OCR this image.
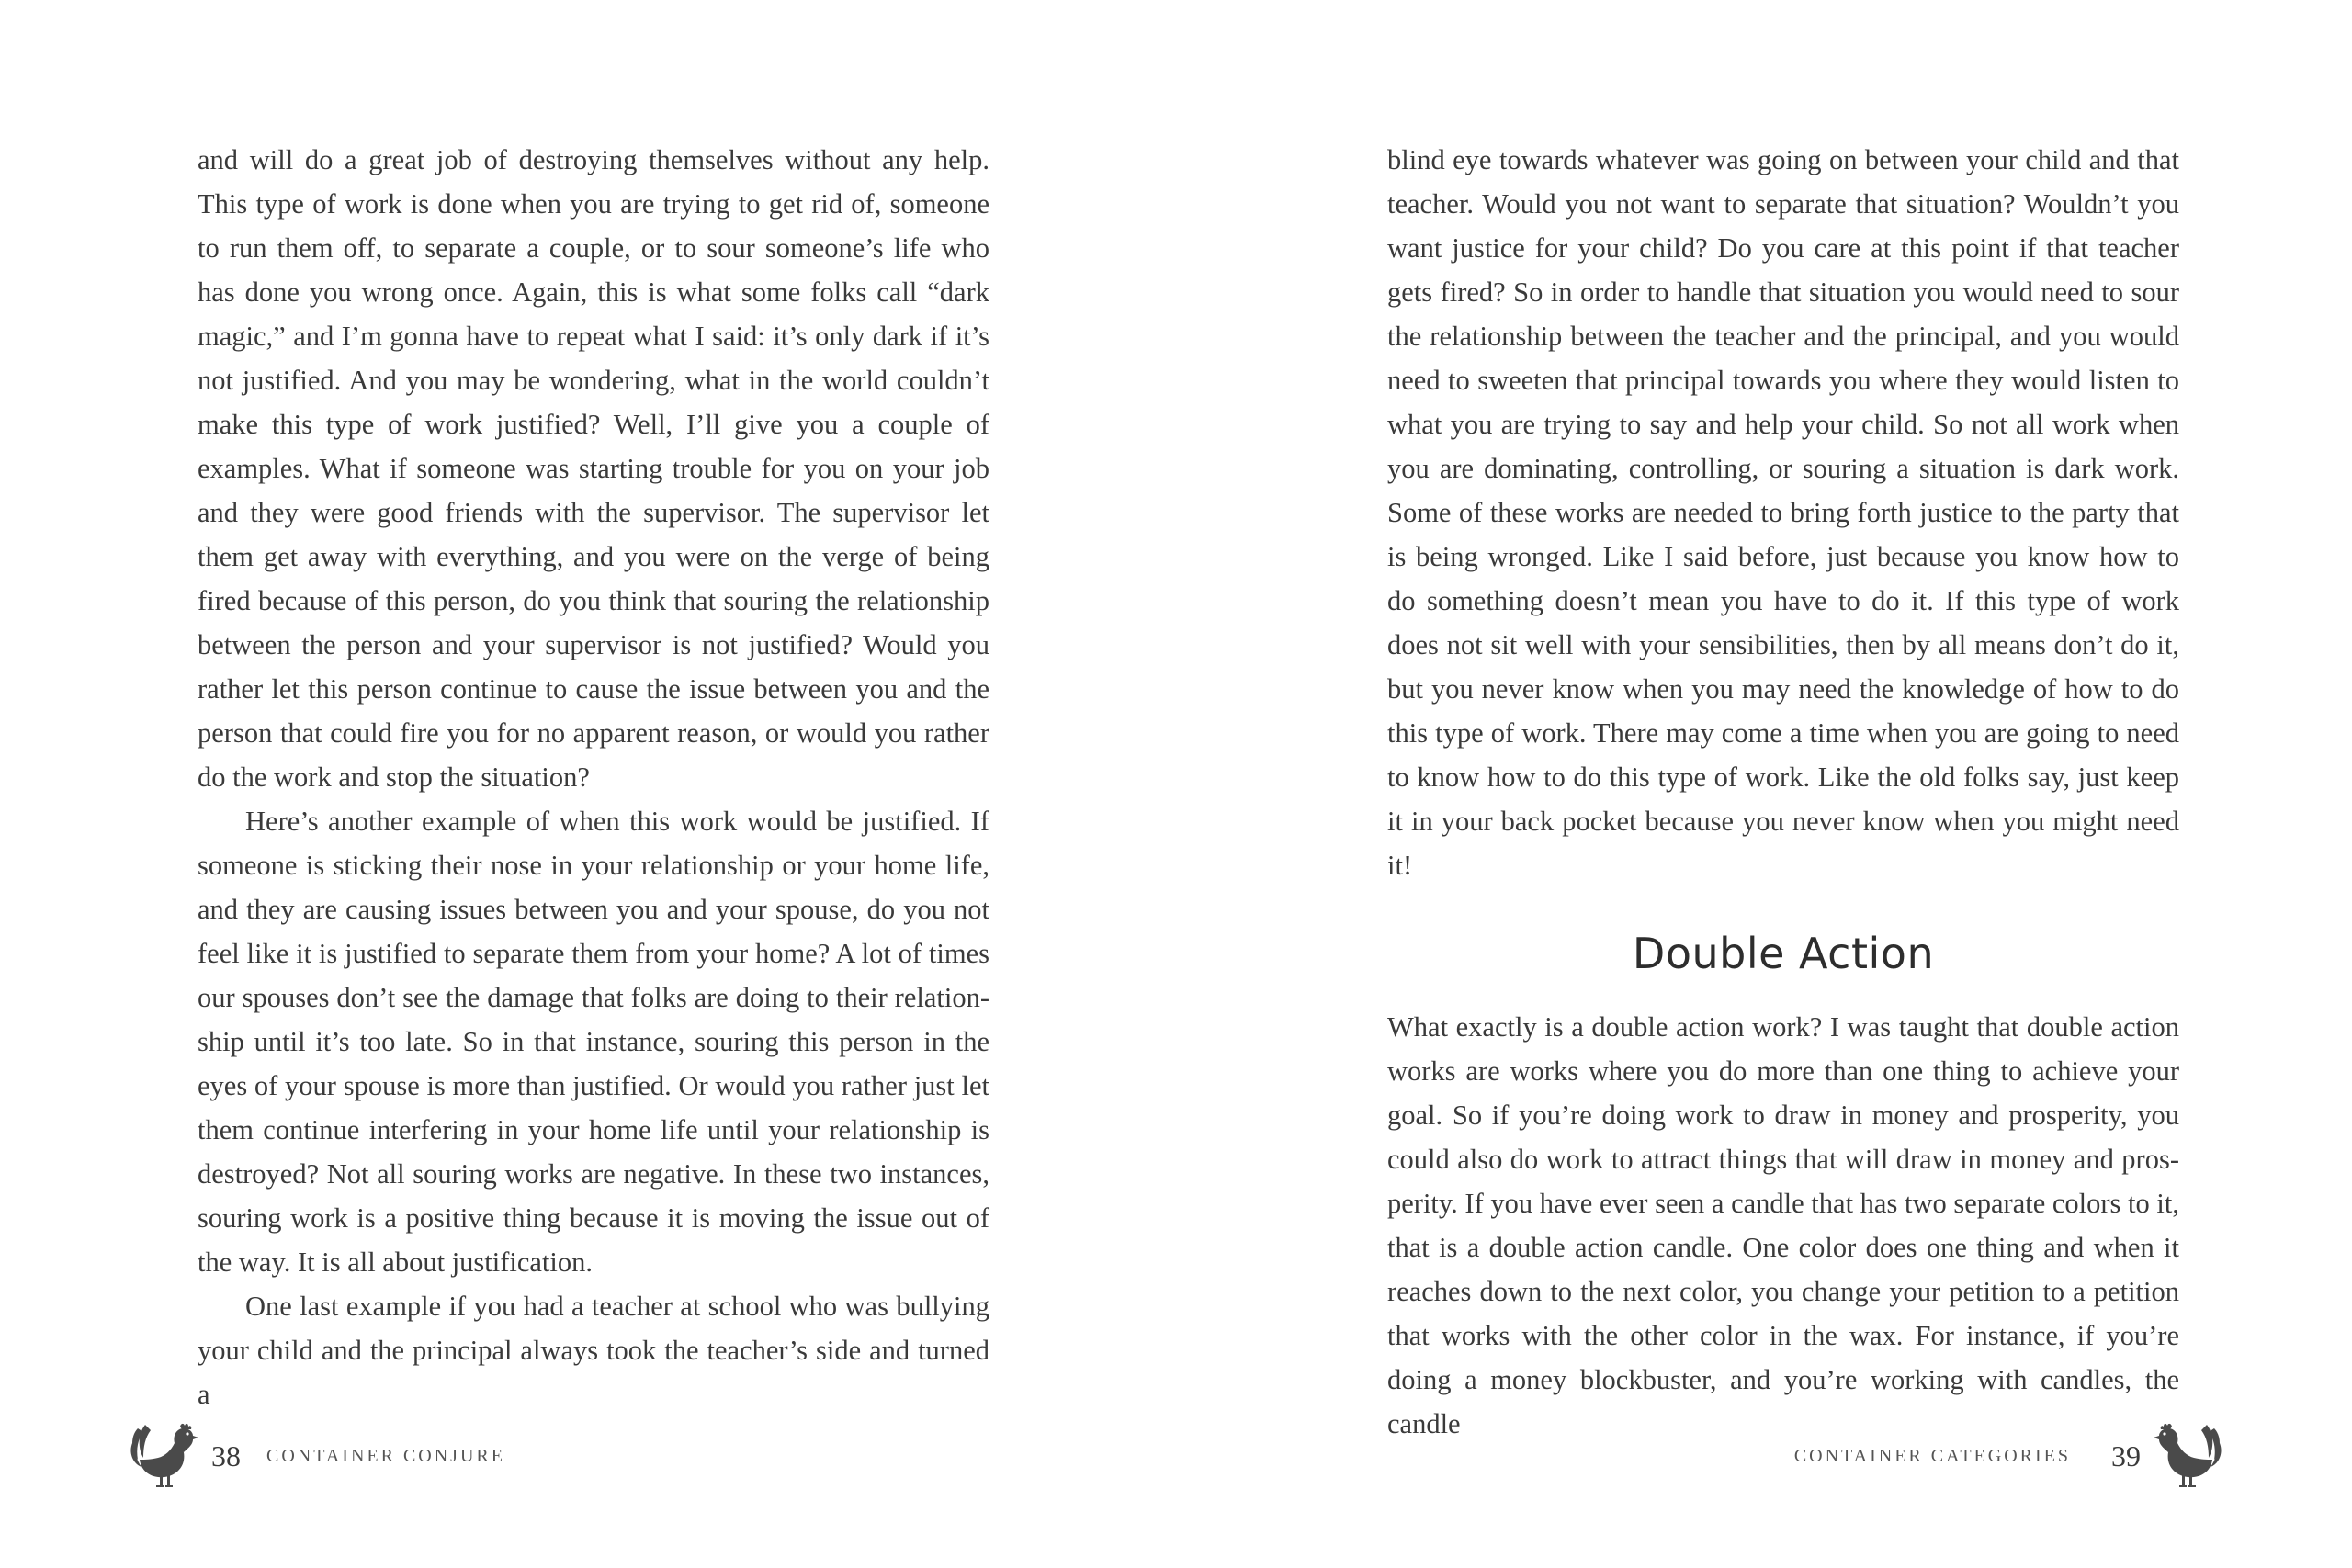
and will do a great job of destroying themselves without any help. This type of work is done when you are trying to get rid of, someone to run them off, to separate a couple, or to sour someone’s life who has done you wrong once. Again, this is what some folks call “dark magic,” and I’m gonna have to repeat what I said: it’s only dark if it’s not justified. And you may be wondering, what in the world couldn’t make this type of work justified? Well, I’ll give you a couple of examples. What if someone was starting trouble for you on your job and they were good friends with the supervisor. The supervisor let them get away with everything, and you were on the verge of being fired because of this person, do you think that souring the relationship between the person and your supervisor is not justified? Would you rather let this person continue to cause the issue between you and the person that could fire you for no apparent reason, or would you rather do the work and stop the situation?

Here’s another example of when this work would be justified. If someone is sticking their nose in your relationship or your home life, and they are causing issues between you and your spouse, do you not feel like it is justified to separate them from your home? A lot of times our spouses don’t see the damage that folks are doing to their relationship until it’s too late. So in that instance, souring this person in the eyes of your spouse is more than justified. Or would you rather just let them continue interfering in your home life until your relationship is destroyed? Not all souring works are negative. In these two instances, souring work is a positive thing because it is moving the issue out of the way. It is all about justification.

One last example if you had a teacher at school who was bullying your child and the principal always took the teacher’s side and turned a

38 CONTAINER CONJURE

blind eye towards whatever was going on between your child and that teacher. Would you not want to separate that situation? Wouldn’t you want justice for your child? Do you care at this point if that teacher gets fired? So in order to handle that situation you would need to sour the relationship between the teacher and the principal, and you would need to sweeten that principal towards you where they would listen to what you are trying to say and help your child. So not all work when you are dominating, controlling, or souring a situation is dark work. Some of these works are needed to bring forth justice to the party that is being wronged. Like I said before, just because you know how to do something doesn’t mean you have to do it. If this type of work does not sit well with your sensibilities, then by all means don’t do it, but you never know when you may need the knowledge of how to do this type of work. There may come a time when you are going to need to know how to do this type of work. Like the old folks say, just keep it in your back pocket because you never know when you might need it!

Double Action

What exactly is a double action work? I was taught that double action works are works where you do more than one thing to achieve your goal. So if you’re doing work to draw in money and prosperity, you could also do work to attract things that will draw in money and prosperity. If you have ever seen a candle that has two separate colors to it, that is a double action candle. One color does one thing and when it reaches down to the next color, you change your petition to a petition that works with the other color in the wax. For instance, if you’re doing a money blockbuster, and you’re working with candles, the candle

CONTAINER CATEGORIES 39
